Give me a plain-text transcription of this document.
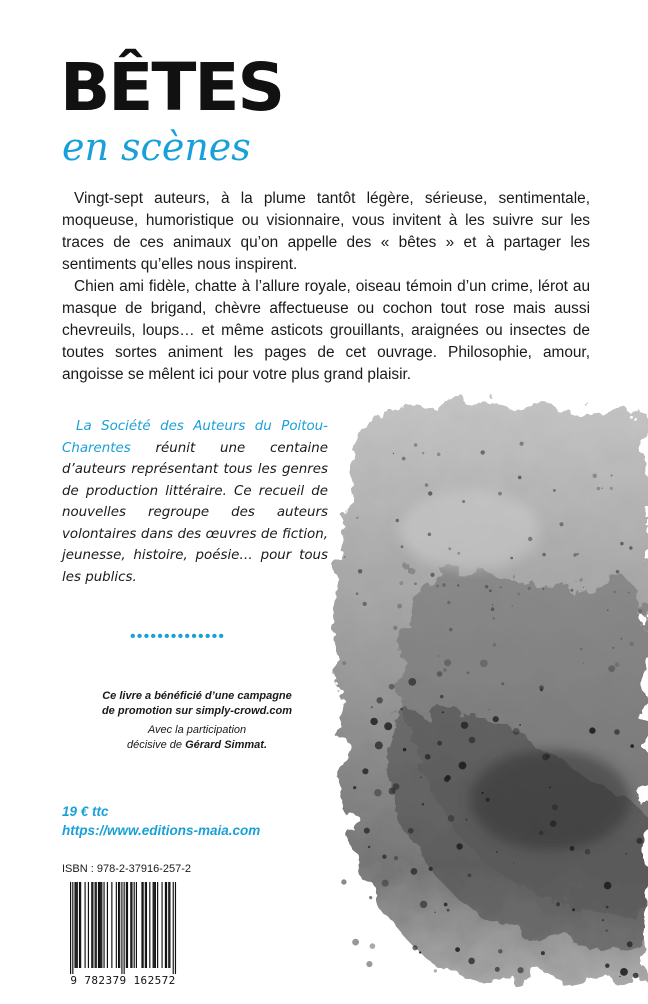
BÊTES
en scènes

Vingt-sept auteurs, à la plume tantôt légère, sérieuse, sentimentale, moqueuse, humoristique ou visionnaire, vous invitent à les suivre sur les traces de ces animaux qu’on appelle des « bêtes » et à partager les sentiments qu’elles nous inspirent.

Chien ami fidèle, chatte à l’allure royale, oiseau témoin d’un crime, lérot au masque de brigand, chèvre affectueuse ou cochon tout rose mais aussi chevreuils, loups… et même asticots grouillants, araignées ou insectes de toutes sortes animent les pages de cet ouvrage. Philosophie, amour, angoisse se mêlent ici pour votre plus grand plaisir.

La Société des Auteurs du Poitou-Charentes réunit une centaine d’auteurs représentant tous les genres de production littéraire. Ce recueil de nouvelles regroupe des auteurs volontaires dans des œuvres de fiction, jeunesse, histoire, poésie… pour tous les publics.

••••••••••••••

Ce livre a bénéficié d’une campagne
de promotion sur simply-crowd.com

Avec la participation
décisive de Gérard Simmat.

19 € ttc

https://www.editions-maia.com

ISBN : 978-2-37916-257-2

9 782379 162572
